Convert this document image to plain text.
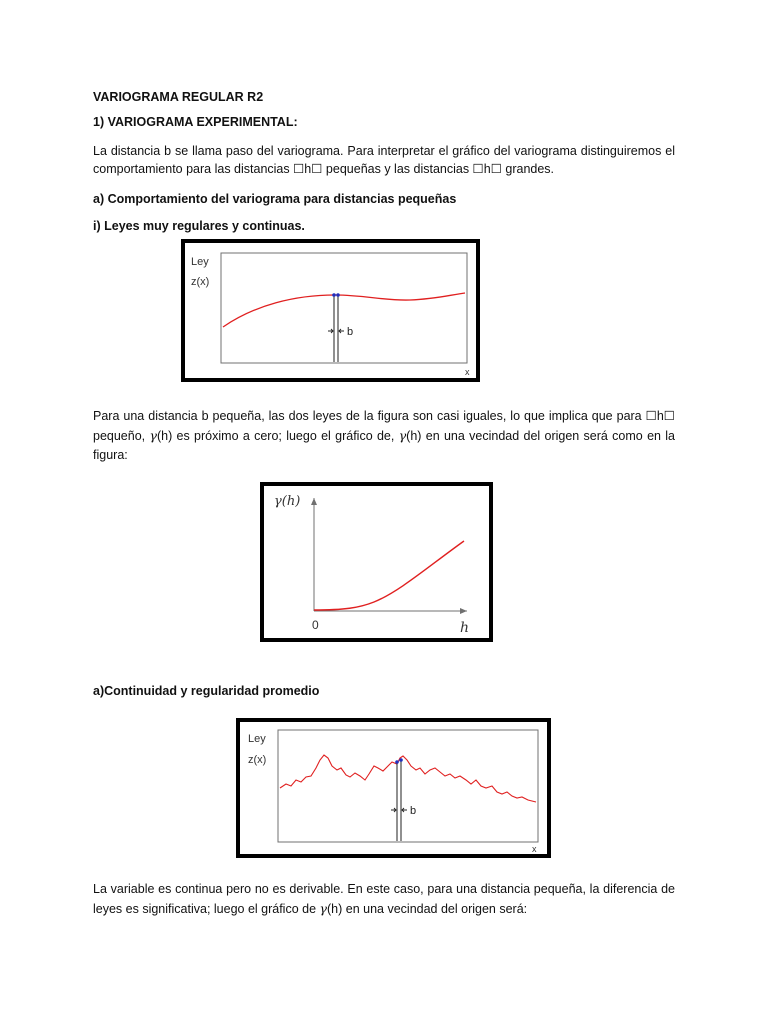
VARIOGRAMA REGULAR R2

1) VARIOGRAMA EXPERIMENTAL:

La distancia b se llama paso del variograma. Para interpretar el gráfico del variograma distinguiremos el comportamiento para las distancias ☐h☐ pequeñas y las distancias ☐h☐ grandes.

a) Comportamiento del variograma para distancias pequeñas

i) Leyes muy regulares y continuas.

Ley
z(x)
b
x

Para una distancia b pequeña, las dos leyes de la figura son casi iguales, lo que implica que para ☐h☐ pequeño, γ(h) es próximo a cero; luego el gráfico de, γ(h) en una vecindad del origen será como en la figura:

γ(h)
0	h

a)Continuidad y regularidad promedio

Ley
z(x)
b
x

La variable es continua pero no es derivable. En este caso, para una distancia pequeña, la diferencia de leyes es significativa; luego el gráfico de γ(h) en una vecindad del origen será:
